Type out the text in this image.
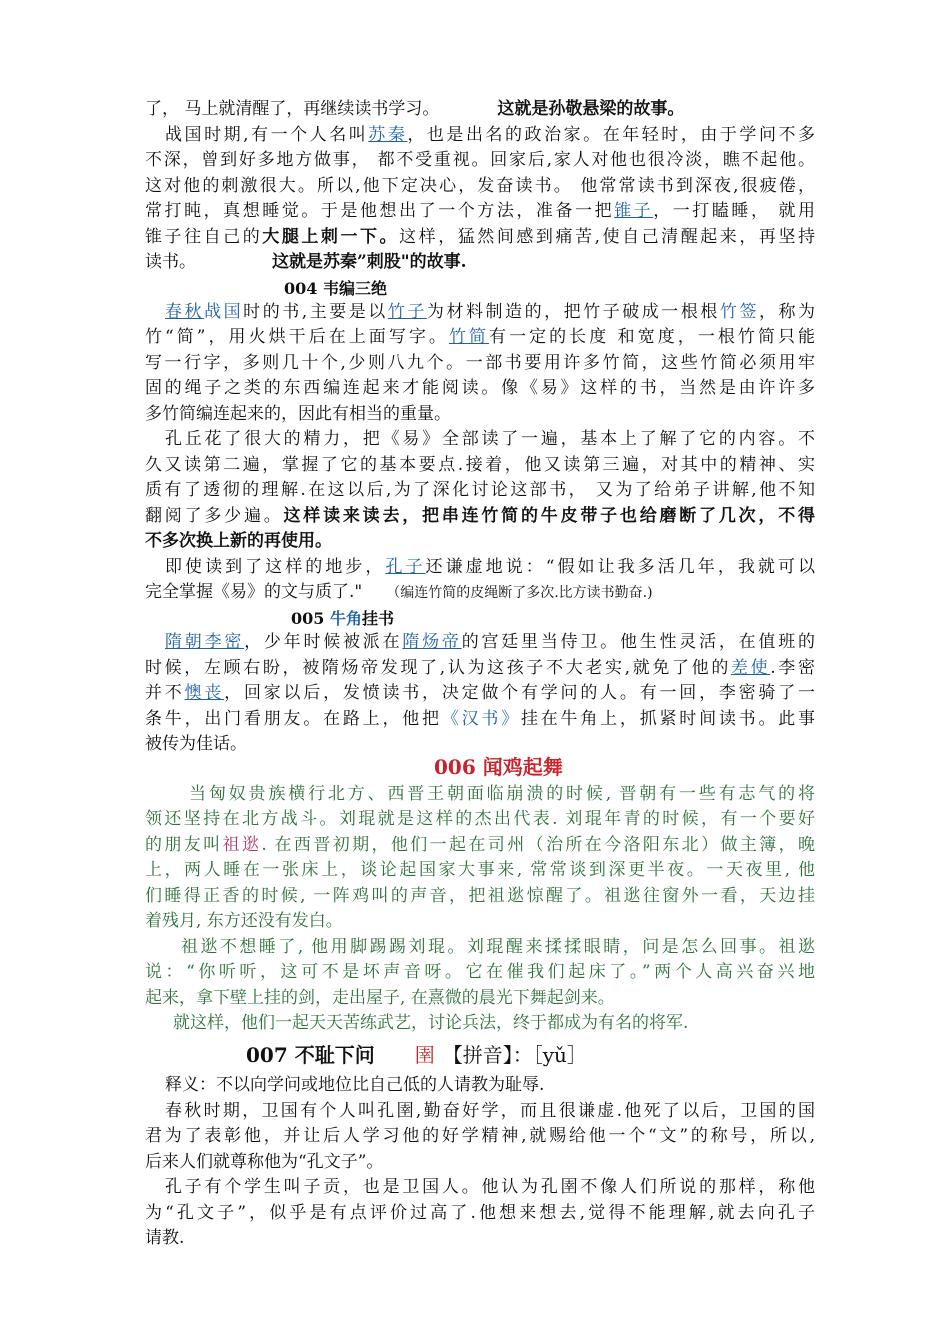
了， 马上就清醒了，再继续读书学习。	这就是孙敬悬梁的故事。
战国时期,有一个人名叫苏秦，也是出名的政治家。在年轻时，由于学问不多
不深，曾到好多地方做事， 都不受重视。回家后,家人对他也很冷淡，瞧不起他。
这对他的刺激很大。所以,他下定决心，发奋读书。 他常常读书到深夜,很疲倦，
常打盹，真想睡觉。于是他想出了一个方法，准备一把锥子，一打瞌睡， 就用
锥子往自己的大腿上刺一下。这样，猛然间感到痛苦,使自己清醒起来，再坚持
读书。	这就是苏秦”刺股"的故事.
004 韦编三绝
春秋战国时的书,主要是以竹子为材料制造的，把竹子破成一根根竹签，称为
竹“简”，用火烘干后在上面写字。竹简有一定的长度 和宽度，一根竹简只能
写一行字，多则几十个,少则八九个。一部书要用许多竹简，这些竹简必须用牢
固的绳子之类的东西编连起来才能阅读。像《易》这样的书，当然是由许许多
多竹简编连起来的，因此有相当的重量。
孔丘花了很大的精力，把《易》全部读了一遍，基本上了解了它的内容。不
久又读第二遍，掌握了它的基本要点.接着，他又读第三遍，对其中的精神、实
质有了透彻的理解.在这以后,为了深化讨论这部书， 又为了给弟子讲解,他不知
翻阅了多少遍。这样读来读去，把串连竹简的牛皮带子也给磨断了几次，不得
不多次换上新的再使用。
即使读到了这样的地步，孔子还谦虚地说：“假如让我多活几年，我就可以
完全掌握《易》的文与质了." （编连竹简的皮绳断了多次.比方读书勤奋.)
005 牛角挂书
隋朝李密，少年时候被派在隋炀帝的宫廷里当侍卫。他生性灵活，在值班的
时候，左顾右盼，被隋炀帝发现了,认为这孩子不大老实,就免了他的差使.李密
并不懊丧，回家以后，发愤读书，决定做个有学问的人。有一回，李密骑了一
条牛，出门看朋友。在路上，他把《汉书》挂在牛角上，抓紧时间读书。此事
被传为佳话。
006 闻鸡起舞
当匈奴贵族横行北方、西晋王朝面临崩溃的时候, 晋朝有一些有志气的将
领还坚持在北方战斗。刘琨就是这样的杰出代表. 刘琨年青的时候，有一个要好
的朋友叫祖逖. 在西晋初期，他们一起在司州（治所在今洛阳东北）做主簿，晚
上，两人睡在一张床上，谈论起国家大事来, 常常谈到深更半夜。一天夜里, 他
们睡得正香的时候, 一阵鸡叫的声音，把祖逖惊醒了。祖逖往窗外一看，天边挂
着残月, 东方还没有发白。
祖逖不想睡了, 他用脚踢踢刘琨。刘琨醒来揉揉眼睛，问是怎么回事。祖逖
说：“你听听，这可不是坏声音呀。它在催我们起床了。”两个人高兴奋兴地
起来，拿下壁上挂的剑，走出屋子, 在熹微的晨光下舞起剑来。
就这样，他们一起天天苦练武艺，讨论兵法，终于都成为有名的将军.
007 不耻下问 圉 【拼音】：［yǔ］
释义：不以向学问或地位比自己低的人请教为耻辱.
春秋时期，卫国有个人叫孔圉,勤奋好学，而且很谦虚.他死了以后，卫国的国
君为了表彰他，并让后人学习他的好学精神,就赐给他一个“文”的称号，所以,
后来人们就尊称他为“孔文子”。
孔子有个学生叫子贡，也是卫国人。他认为孔圉不像人们所说的那样，称他
为“孔文子”，似乎是有点评价过高了.他想来想去,觉得不能理解,就去向孔子
请教.
